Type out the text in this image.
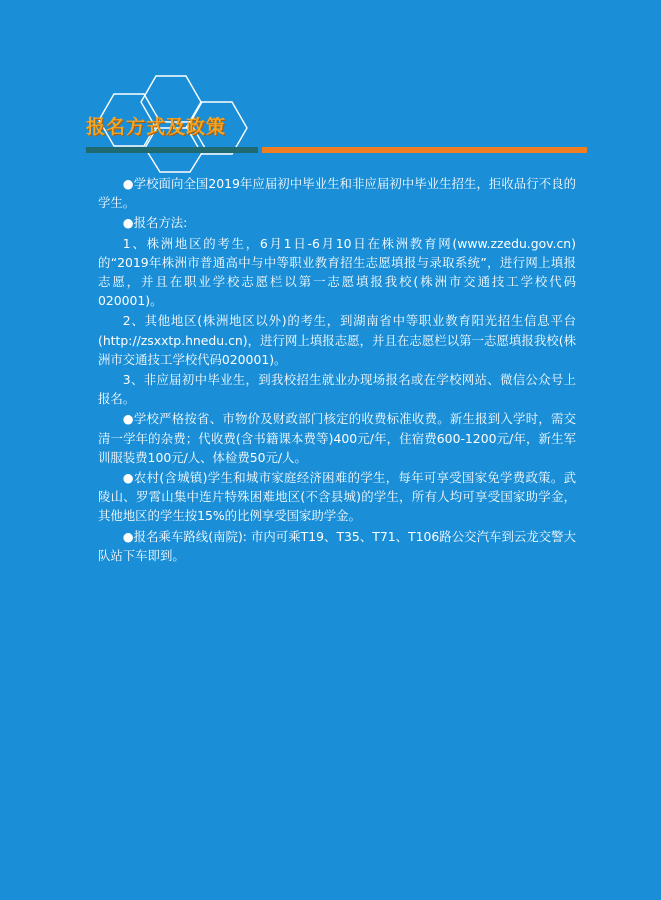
报名方式及政策

●学校面向全国2019年应届初中毕业生和非应届初中毕业生招生，拒收品行不良的学生。

●报名方法:

1、株洲地区的考生，6月1日-6月10日在株洲教育网(www.zzedu.gov.cn)的“2019年株洲市普通高中与中等职业教育招生志愿填报与录取系统”，进行网上填报志愿，并且在职业学校志愿栏以第一志愿填报我校(株洲市交通技工学校代码020001)。

2、其他地区(株洲地区以外)的考生，到湖南省中等职业教育阳光招生信息平台(http://zsxxtp.hnedu.cn)，进行网上填报志愿，并且在志愿栏以第一志愿填报我校(株洲市交通技工学校代码020001)。

3、非应届初中毕业生，到我校招生就业办现场报名或在学校网站、微信公众号上报名。

●学校严格按省、市物价及财政部门核定的收费标准收费。新生报到入学时，需交清一学年的杂费；代收费(含书籍课本费等)400元/年，住宿费600-1200元/年，新生军训服装费100元/人、体检费50元/人。

●农村(含城镇)学生和城市家庭经济困难的学生，每年可享受国家免学费政策。武陵山、罗霄山集中连片特殊困难地区(不含县城)的学生，所有人均可享受国家助学金，其他地区的学生按15%的比例享受国家助学金。

●报名乘车路线(南院): 市内可乘T19、T35、T71、T106路公交汽车到云龙交警大队站下车即到。
